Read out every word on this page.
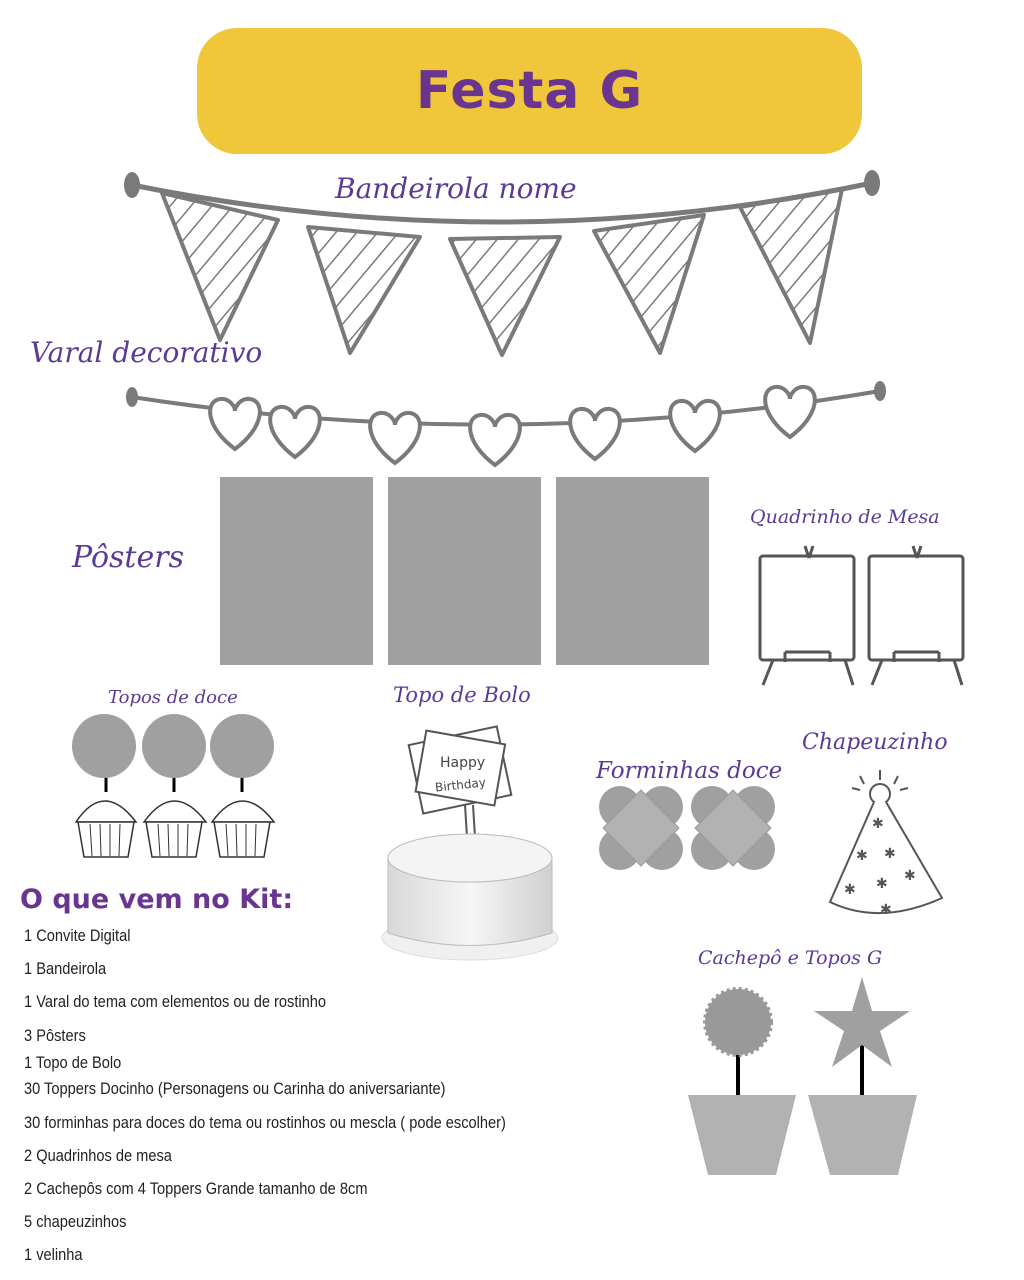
Festa G
Bandeirola nome
Varal decorativo
Pôsters
Quadrinho de Mesa
Topos de doce	Topo de Bolo
Happy
Birthday
Forminhas doce
Chapeuzinho
✱
✱ ✱
✱ ✱ ✱
✱
Cachepô e Topos G
O que vem no Kit:
1 Convite Digital
1 Bandeirola
1 Varal do tema com elementos ou de rostinho
3 Pôsters
1 Topo de Bolo
30 Toppers Docinho (Personagens ou Carinha do aniversariante)
30 forminhas para doces do tema ou rostinhos ou mescla ( pode escolher)
2 Quadrinhos de mesa
2 Cachepôs com 4 Toppers Grande tamanho de 8cm
5 chapeuzinhos
1 velinha
